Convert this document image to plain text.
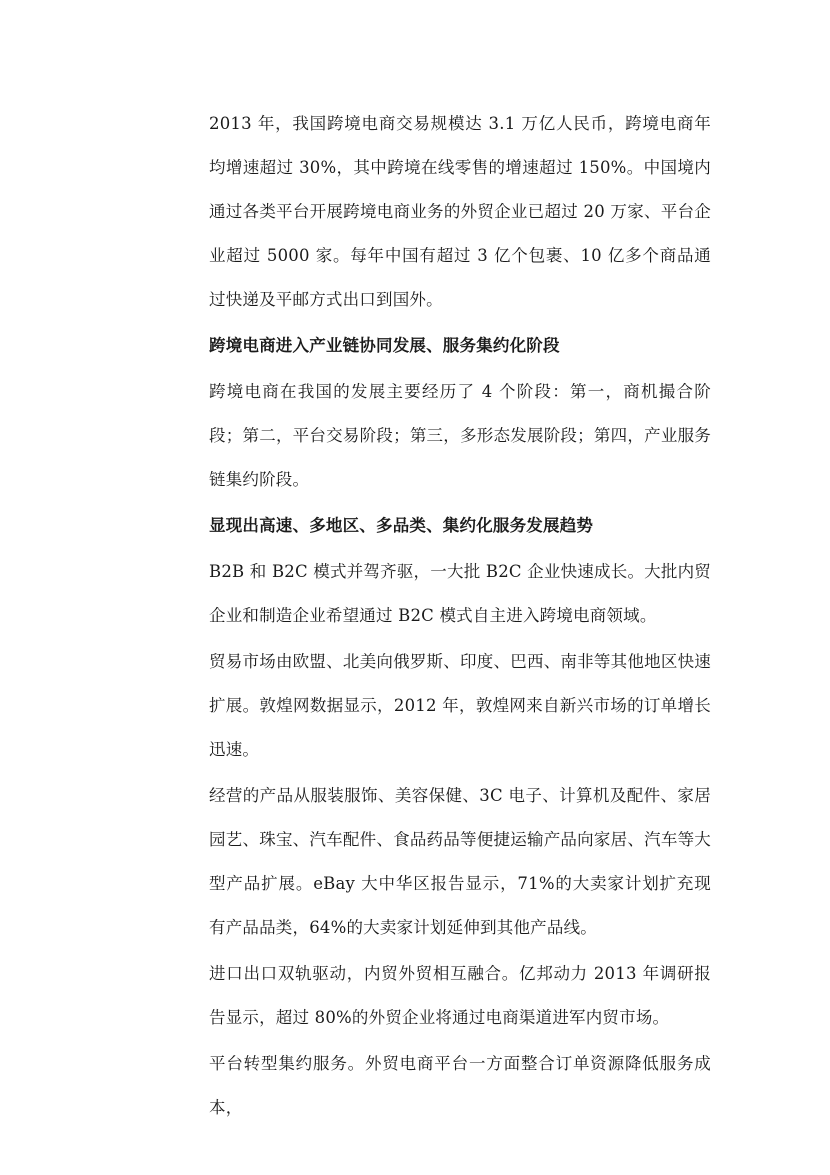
2013 年，我国跨境电商交易规模达 3.1 万亿人民币，跨境电商年均增速超过 30%，其中跨境在线零售的增速超过 150%。中国境内通过各类平台开展跨境电商业务的外贸企业已超过 20 万家、平台企业超过 5000 家。每年中国有超过 3 亿个包裹、10 亿多个商品通过快递及平邮方式出口到国外。

跨境电商进入产业链协同发展、服务集约化阶段

跨境电商在我国的发展主要经历了 4 个阶段：第一，商机撮合阶段；第二，平台交易阶段；第三，多形态发展阶段；第四，产业服务链集约阶段。

显现出高速、多地区、多品类、集约化服务发展趋势

B2B 和 B2C 模式并驾齐驱，一大批 B2C 企业快速成长。大批内贸企业和制造企业希望通过 B2C 模式自主进入跨境电商领域。

贸易市场由欧盟、北美向俄罗斯、印度、巴西、南非等其他地区快速扩展。敦煌网数据显示，2012 年，敦煌网来自新兴市场的订单增长迅速。

经营的产品从服装服饰、美容保健、3C 电子、计算机及配件、家居园艺、珠宝、汽车配件、食品药品等便捷运输产品向家居、汽车等大型产品扩展。eBay 大中华区报告显示，71%的大卖家计划扩充现有产品品类，64%的大卖家计划延伸到其他产品线。

进口出口双轨驱动，内贸外贸相互融合。亿邦动力 2013 年调研报告显示，超过 80%的外贸企业将通过电商渠道进军内贸市场。

平台转型集约服务。外贸电商平台一方面整合订单资源降低服务成本，
